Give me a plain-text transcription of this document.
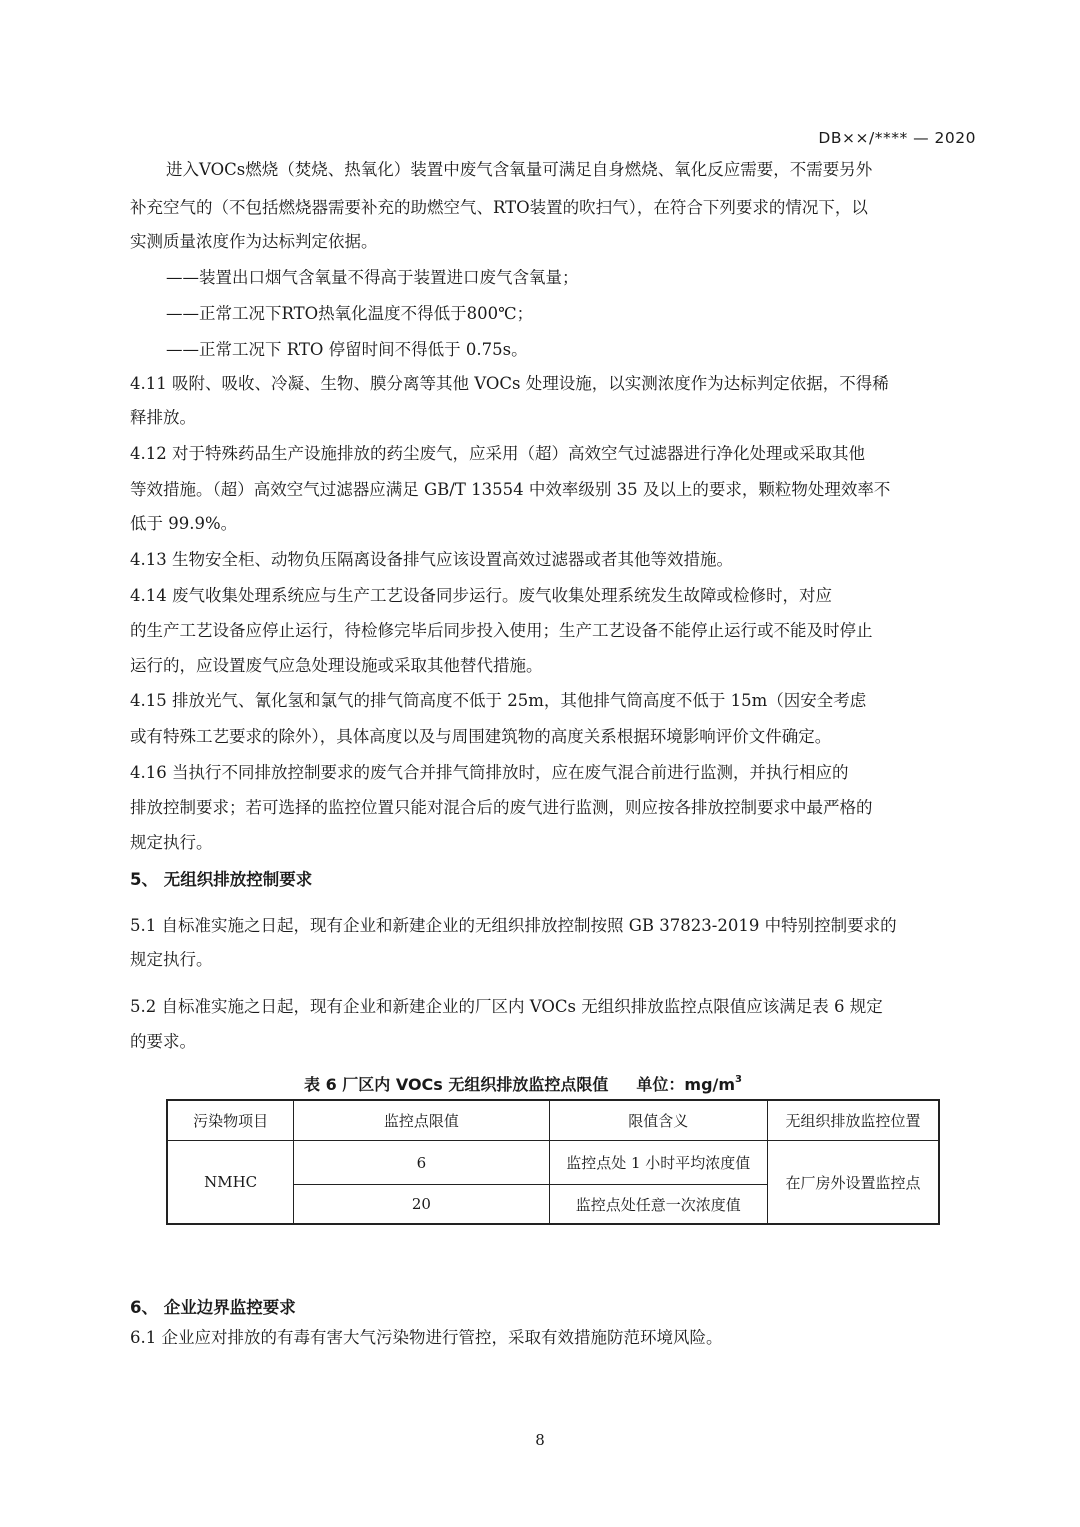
DB××/**** — 2020
进入VOCs燃烧（焚烧、热氧化）装置中废气含氧量可满足自身燃烧、氧化反应需要，不需要另外
补充空气的（不包括燃烧器需要补充的助燃空气、RTO装置的吹扫气），在符合下列要求的情况下，以
实测质量浓度作为达标判定依据。
——装置出口烟气含氧量不得高于装置进口废气含氧量；
——正常工况下RTO热氧化温度不得低于800℃；
——正常工况下 RTO 停留时间不得低于 0.75s。
4.11 吸附、吸收、冷凝、生物、膜分离等其他 VOCs 处理设施，以实测浓度作为达标判定依据，不得稀
释排放。
4.12 对于特殊药品生产设施排放的药尘废气，应采用（超）高效空气过滤器进行净化处理或采取其他
等效措施。（超）高效空气过滤器应满足 GB/T 13554 中效率级别 35 及以上的要求，颗粒物处理效率不
低于 99.9%。
4.13 生物安全柜、动物负压隔离设备排气应该设置高效过滤器或者其他等效措施。
4.14 废气收集处理系统应与生产工艺设备同步运行。废气收集处理系统发生故障或检修时，对应
的生产工艺设备应停止运行，待检修完毕后同步投入使用；生产工艺设备不能停止运行或不能及时停止
运行的，应设置废气应急处理设施或采取其他替代措施。
4.15 排放光气、氰化氢和氯气的排气筒高度不低于 25m，其他排气筒高度不低于 15m（因安全考虑
或有特殊工艺要求的除外），具体高度以及与周围建筑物的高度关系根据环境影响评价文件确定。
4.16 当执行不同排放控制要求的废气合并排气筒排放时，应在废气混合前进行监测，并执行相应的
排放控制要求；若可选择的监控位置只能对混合后的废气进行监测，则应按各排放控制要求中最严格的
规定执行。
5、 无组织排放控制要求
5.1 自标准实施之日起，现有企业和新建企业的无组织排放控制按照 GB 37823-2019 中特别控制要求的
规定执行。
5.2 自标准实施之日起，现有企业和新建企业的厂区内 VOCs 无组织排放监控点限值应该满足表 6 规定
的要求。
表 6 厂区内 VOCs 无组织排放监控点限值 单位：$mg/m^3$
污染物项目	监控点限值	限值含义	无组织排放监控位置
NMHC	6	监控点处 1 小时平均浓度值	在厂房外设置监控点
	20	监控点处任意一次浓度值	
6、 企业边界监控要求
6.1 企业应对排放的有毒有害大气污染物进行管控，采取有效措施防范环境风险。
8
